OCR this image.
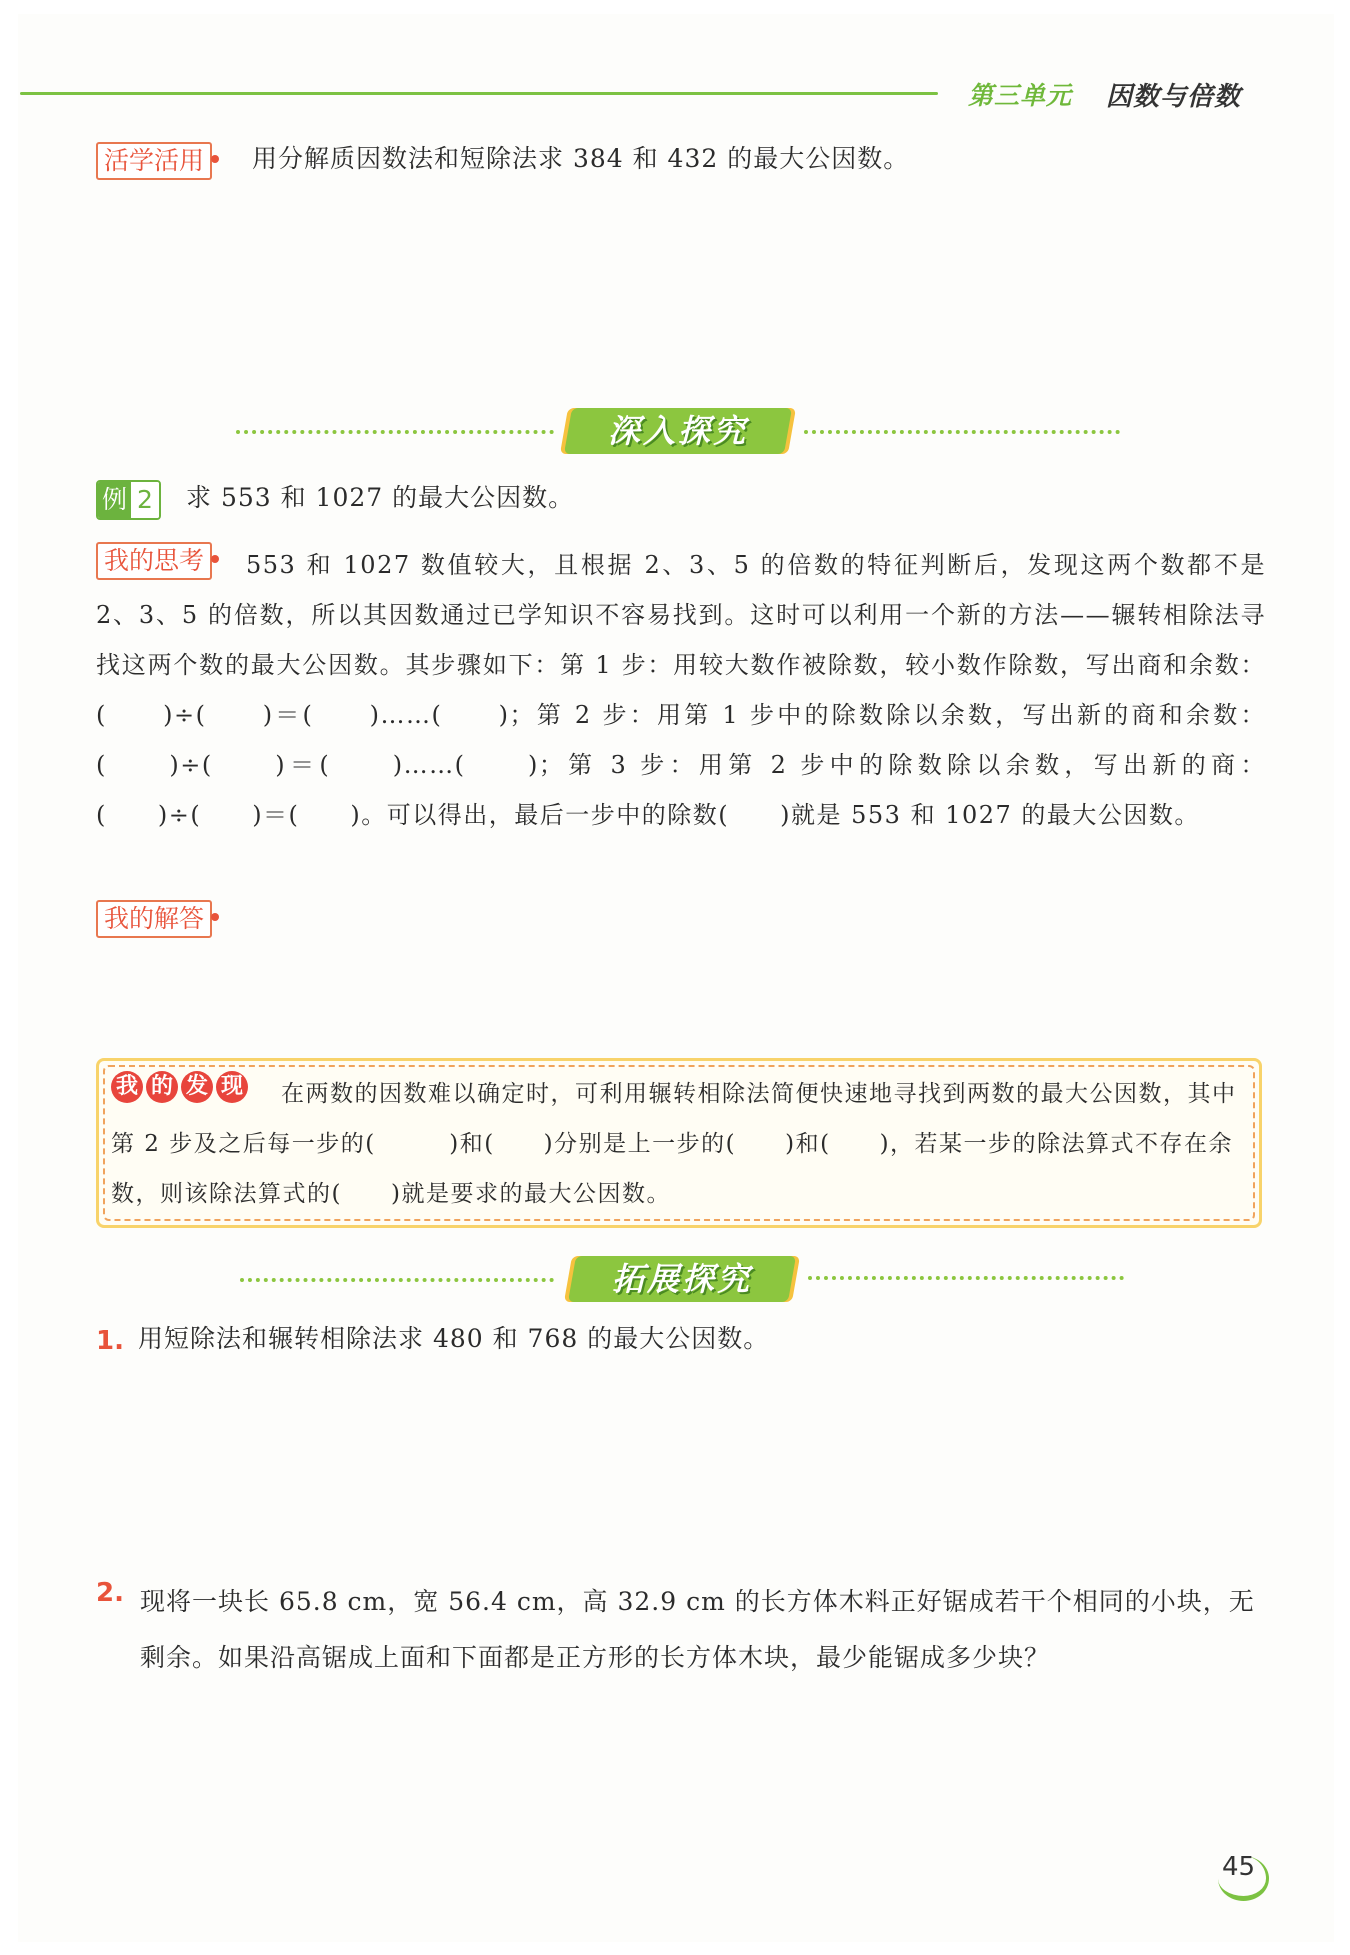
第三单元 因数与倍数
活学活用	用分解质因数法和短除法求 384 和 432 的最大公因数。
深入探究
例 2 求 553 和 1027 的最大公因数。
我的思考	553 和 1027 数值较大，且根据 2、3、5 的倍数的特征判断后，发现这两个数都不是 2、3、5 的倍数，所以其因数通过已学知识不容易找到。这时可以利用一个新的方法——辗转相除法寻找这两个数的最大公因数。其步骤如下：第 1 步：用较大数作被除数，较小数作除数，写出商和余数：(　　)÷(　　)＝(　　)……(　　)；第 2 步：用第 1 步中的除数除以余数，写出新的商和余数：(　　)÷(　　)＝(　　)……(　　)；第 3 步：用第 2 步中的除数除以余数，写出新的商：(　　)÷(　　)＝(　　)。可以得出，最后一步中的除数(　　)就是 553 和 1027 的最大公因数。
我的解答
我 的 发 现	在两数的因数难以确定时，可利用辗转相除法简便快速地寻找到两数的最大公因数，其中第 2 步及之后每一步的(　　　)和(　　)分别是上一步的(　　)和(　　)，若某一步的除法算式不存在余数，则该除法算式的(　　)就是要求的最大公因数。
拓展探究
1. 用短除法和辗转相除法求 480 和 768 的最大公因数。
2. 现将一块长 65.8 cm，宽 56.4 cm，高 32.9 cm 的长方体木料正好锯成若干个相同的小块，无剩余。如果沿高锯成上面和下面都是正方形的长方体木块，最少能锯成多少块？
45
